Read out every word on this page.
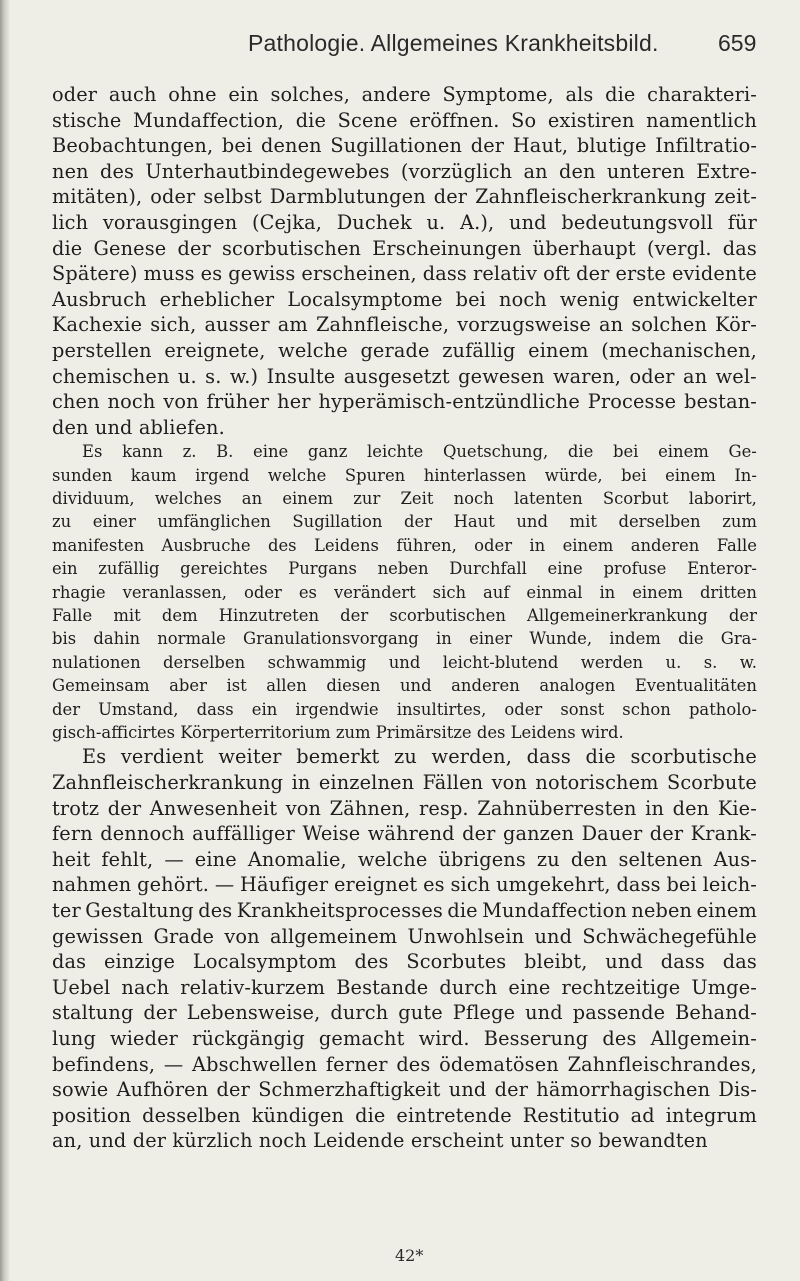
Pathologie. Allgemeines Krankheitsbild.	659
oder auch ohne ein solches, andere Symptome, als die charakteri-
stische Mundaffection, die Scene eröffnen. So existiren namentlich
Beobachtungen, bei denen Sugillationen der Haut, blutige Infiltratio-
nen des Unterhautbindegewebes (vorzüglich an den unteren Extre-
mitäten), oder selbst Darmblutungen der Zahnfleischerkrankung zeit-
lich vorausgingen (Cejka, Duchek u. A.), und bedeutungsvoll für
die Genese der scorbutischen Erscheinungen überhaupt (vergl. das
Spätere) muss es gewiss erscheinen, dass relativ oft der erste evidente
Ausbruch erheblicher Localsymptome bei noch wenig entwickelter
Kachexie sich, ausser am Zahnfleische, vorzugsweise an solchen Kör-
perstellen ereignete, welche gerade zufällig einem (mechanischen,
chemischen u. s. w.) Insulte ausgesetzt gewesen waren, oder an wel-
chen noch von früher her hyperämisch-entzündliche Processe bestan-
den und abliefen.
Es kann z. B. eine ganz leichte Quetschung, die bei einem Ge-
sunden kaum irgend welche Spuren hinterlassen würde, bei einem In-
dividuum, welches an einem zur Zeit noch latenten Scorbut laborirt,
zu einer umfänglichen Sugillation der Haut und mit derselben zum
manifesten Ausbruche des Leidens führen, oder in einem anderen Falle
ein zufällig gereichtes Purgans neben Durchfall eine profuse Enteror-
rhagie veranlassen, oder es verändert sich auf einmal in einem dritten
Falle mit dem Hinzutreten der scorbutischen Allgemeinerkrankung der
bis dahin normale Granulationsvorgang in einer Wunde, indem die Gra-
nulationen derselben schwammig und leicht-blutend werden u. s. w.
Gemeinsam aber ist allen diesen und anderen analogen Eventualitäten
der Umstand, dass ein irgendwie insultirtes, oder sonst schon patholo-
gisch-afficirtes Körperterritorium zum Primärsitze des Leidens wird.
Es verdient weiter bemerkt zu werden, dass die scorbutische
Zahnfleischerkrankung in einzelnen Fällen von notorischem Scorbute
trotz der Anwesenheit von Zähnen, resp. Zahnüberresten in den Kie-
fern dennoch auffälliger Weise während der ganzen Dauer der Krank-
heit fehlt, — eine Anomalie, welche übrigens zu den seltenen Aus-
nahmen gehört. — Häufiger ereignet es sich umgekehrt, dass bei leich-
ter Gestaltung des Krankheitsprocesses die Mundaffection neben einem
gewissen Grade von allgemeinem Unwohlsein und Schwächegefühle
das einzige Localsymptom des Scorbutes bleibt, und dass das
Uebel nach relativ-kurzem Bestande durch eine rechtzeitige Umge-
staltung der Lebensweise, durch gute Pflege und passende Behand-
lung wieder rückgängig gemacht wird. Besserung des Allgemein-
befindens, — Abschwellen ferner des ödematösen Zahnfleischrandes,
sowie Aufhören der Schmerzhaftigkeit und der hämorrhagischen Dis-
position desselben kündigen die eintretende Restitutio ad integrum
an, und der kürzlich noch Leidende erscheint unter so bewandten
42*
